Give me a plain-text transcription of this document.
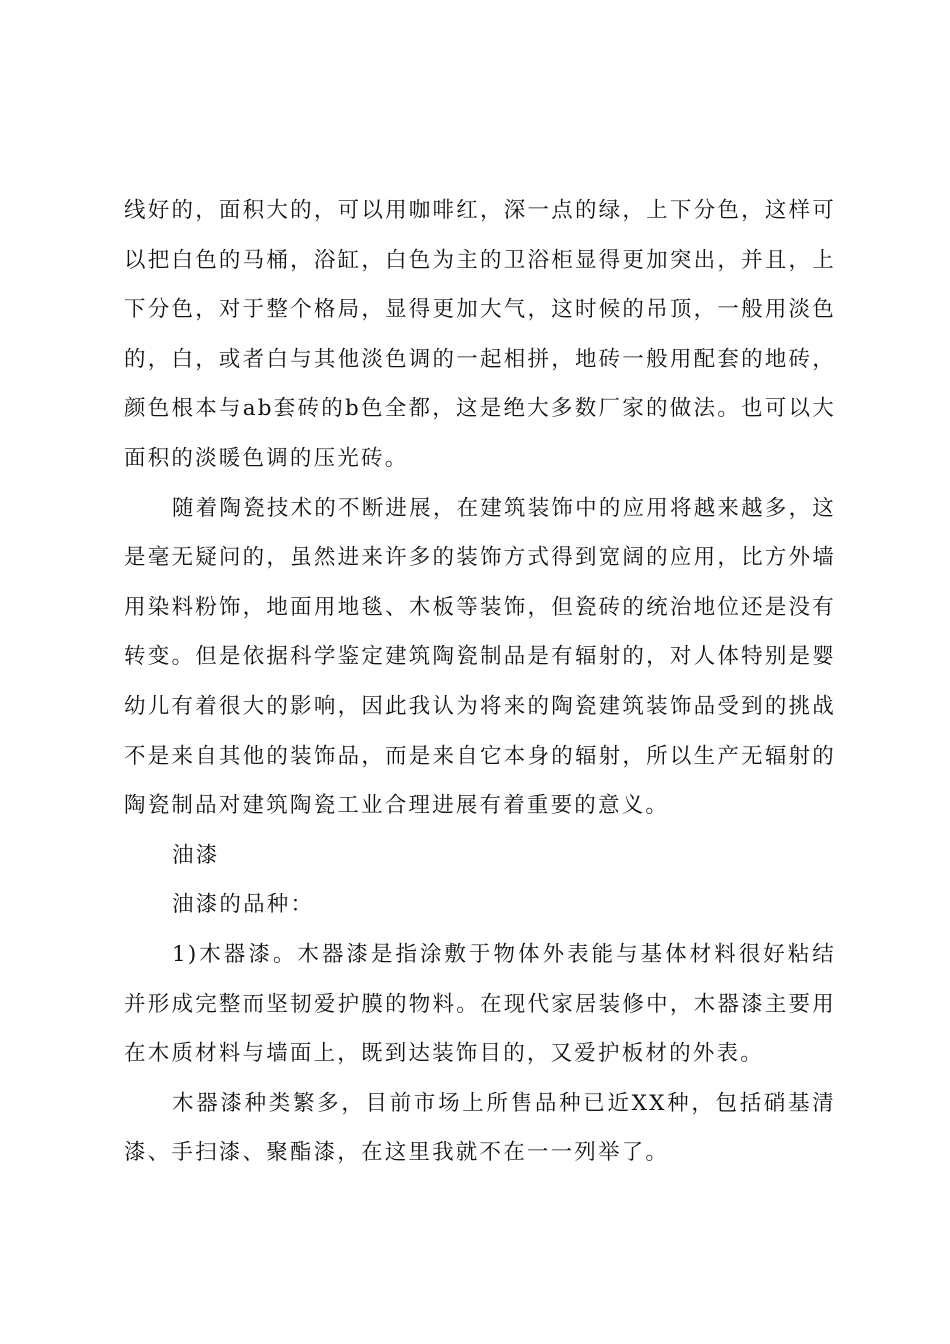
线好的，面积大的，可以用咖啡红，深一点的绿，上下分色，这样可以把白色的马桶，浴缸，白色为主的卫浴柜显得更加突出，并且，上下分色，对于整个格局，显得更加大气，这时候的吊顶，一般用淡色的，白，或者白与其他淡色调的一起相拼，地砖一般用配套的地砖，颜色根本与ab套砖的b色全都，这是绝大多数厂家的做法。也可以大面积的淡暖色调的压光砖。

随着陶瓷技术的不断进展，在建筑装饰中的应用将越来越多，这是毫无疑问的，虽然进来许多的装饰方式得到宽阔的应用，比方外墙用染料粉饰，地面用地毯、木板等装饰，但瓷砖的统治地位还是没有转变。但是依据科学鉴定建筑陶瓷制品是有辐射的，对人体特别是婴幼儿有着很大的影响，因此我认为将来的陶瓷建筑装饰品受到的挑战不是来自其他的装饰品，而是来自它本身的辐射，所以生产无辐射的陶瓷制品对建筑陶瓷工业合理进展有着重要的意义。

油漆

油漆的品种：

1)木器漆。木器漆是指涂敷于物体外表能与基体材料很好粘结并形成完整而坚韧爱护膜的物料。在现代家居装修中，木器漆主要用在木质材料与墙面上，既到达装饰目的，又爱护板材的外表。

木器漆种类繁多，目前市场上所售品种已近XX种，包括硝基清漆、手扫漆、聚酯漆，在这里我就不在一一列举了。
